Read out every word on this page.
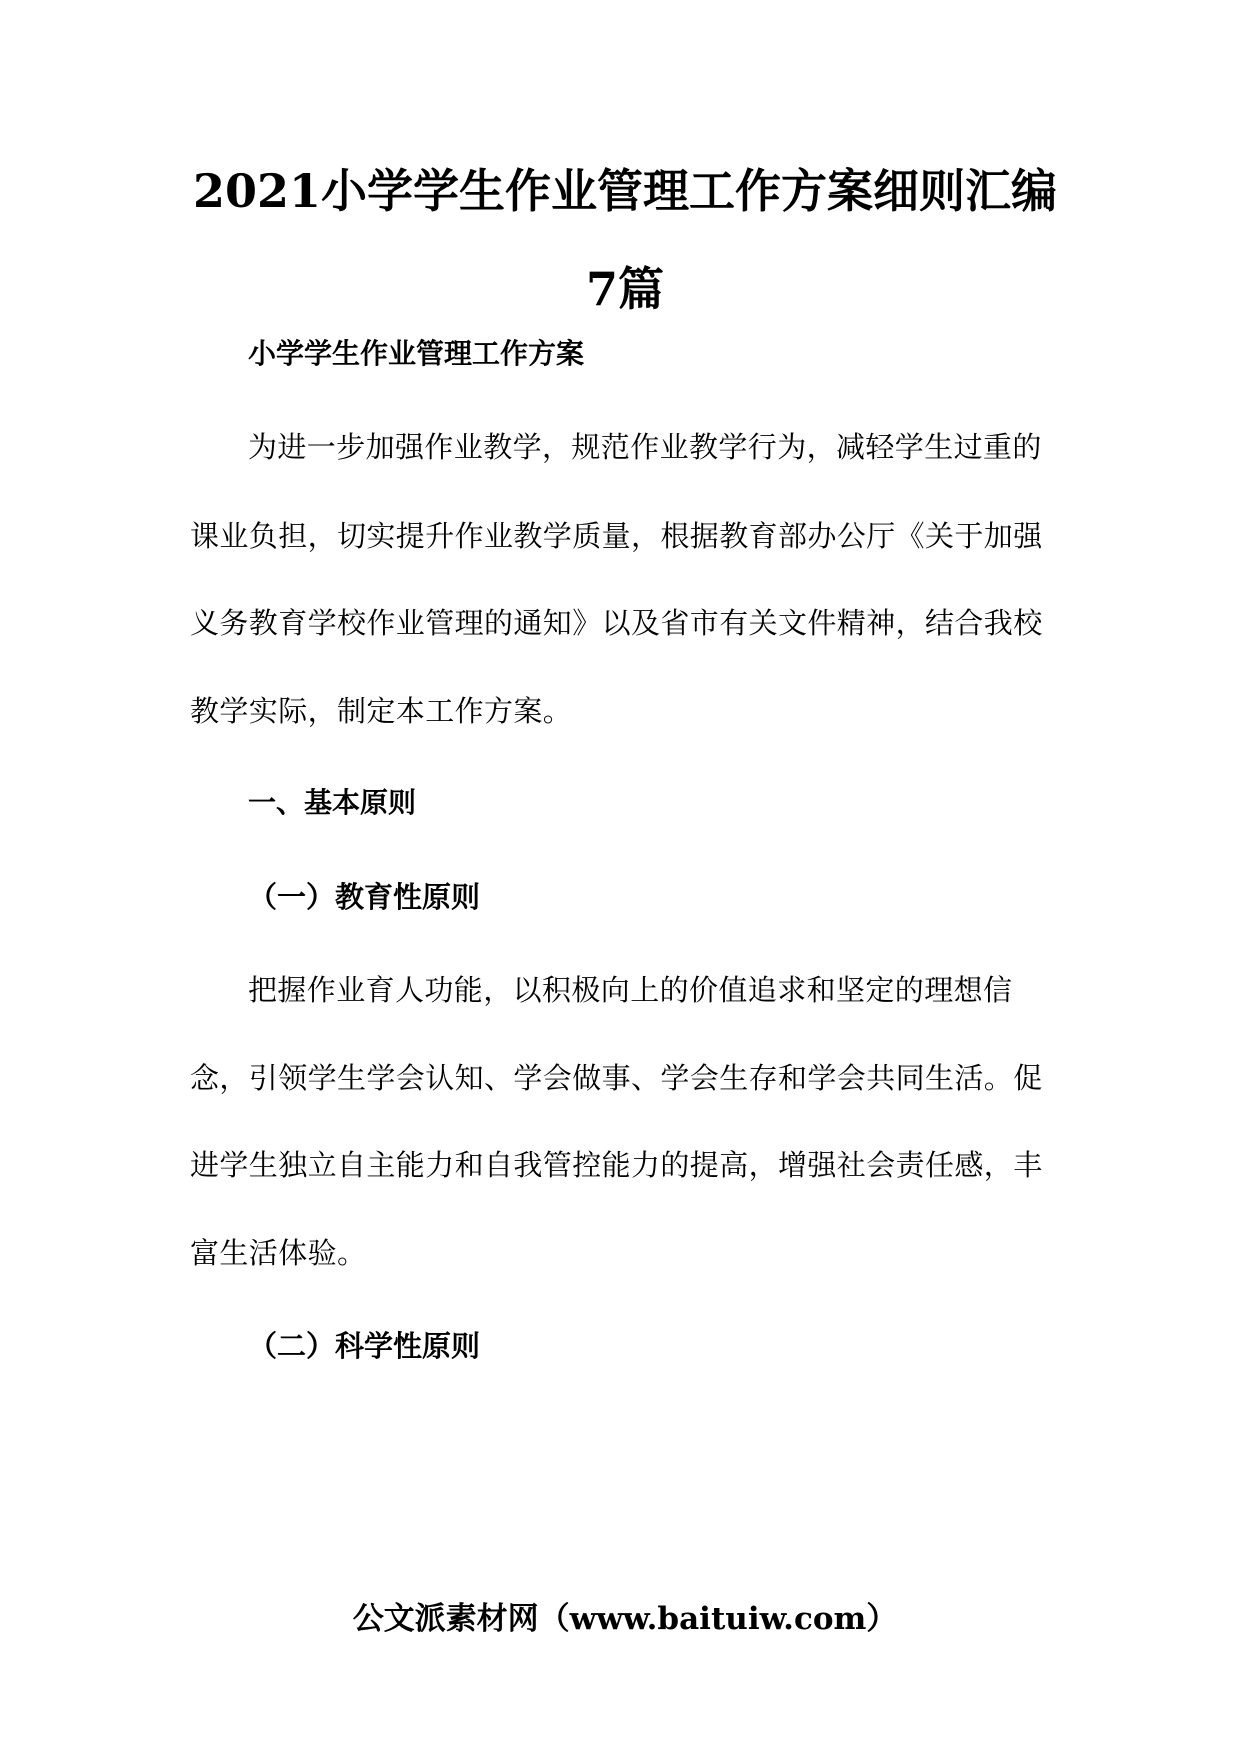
2021小学学生作业管理工作方案细则汇编
7篇
小学学生作业管理工作方案

为进一步加强作业教学，规范作业教学行为，减轻学生过重的

课业负担，切实提升作业教学质量，根据教育部办公厅《关于加强

义务教育学校作业管理的通知》以及省市有关文件精神，结合我校

教学实际，制定本工作方案。

一、基本原则
（一）教育性原则

把握作业育人功能，以积极向上的价值追求和坚定的理想信

念，引领学生学会认知、学会做事、学会生存和学会共同生活。促

进学生独立自主能力和自我管控能力的提高，增强社会责任感，丰

富生活体验。

（二）科学性原则
公文派素材网（www.baituiw.com）
